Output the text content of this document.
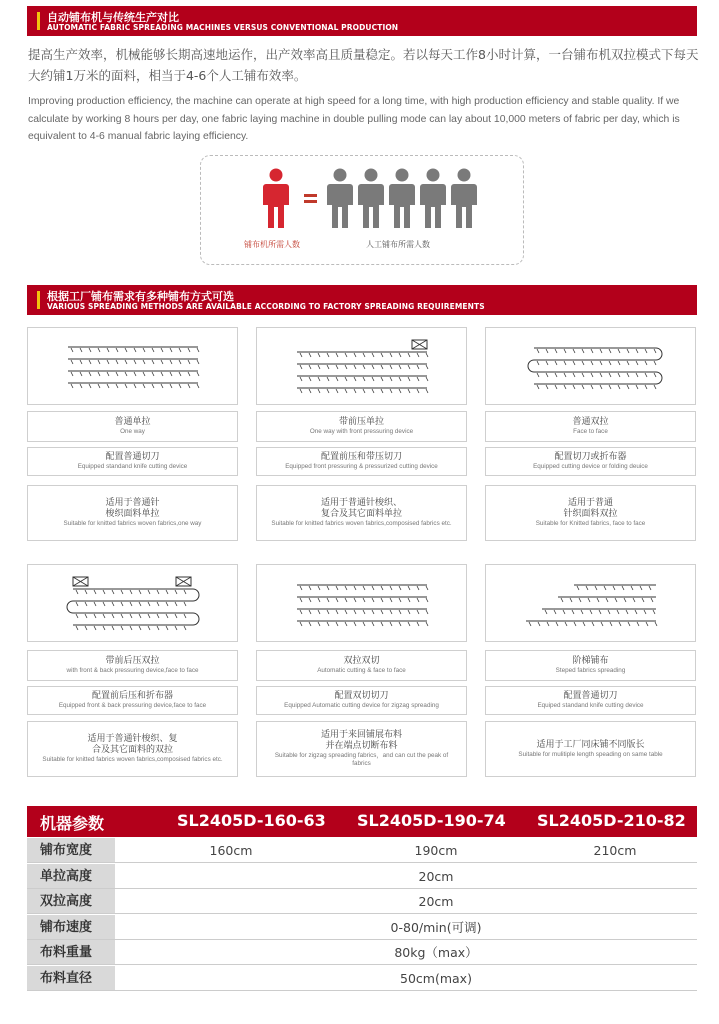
自动铺布机与传统生产对比
AUTOMATIC FABRIC SPREADING MACHINES VERSUS CONVENTIONAL PRODUCTION

提高生产效率，机械能够长期高速地运作，出产效率高且质量稳定。若以每天工作8小时计算，一台铺布机双拉模式下每天大约铺1万米的面料，相当于4-6个人工铺布效率。

Improving production efficiency, the machine can operate at high speed for a long time, with high production efficiency and stable quality. If we calculate by working 8 hours per day, one fabric laying machine in double pulling mode can lay about 10,000 meters of fabric per day, which is equivalent to 4-6 manual fabric laying efficiency.

铺布机所需人数	人工铺布所需人数
根据工厂铺布需求有多种铺布方式可选
VARIOUS SPREADING METHODS ARE AVAILABLE ACCORDING TO FACTORY SPREADING REQUIREMENTS
普通单拉
One way
配置普通切刀
Equipped standand knife cutting device
适用于普通针
梭织面料单拉
Suitable for knitted fabrics woven fabrics,one way
带前压单拉
One way with front pressuring device
配置前压和带压切刀
Equipped front pressuring & pressurized cutting device
适用于普通针梭织、
复合及其它面料单拉
Suitable for knitted fabrics woven fabrics,composised fabrics etc.
普通双拉
Face to face
配置切刀或折布器
Equipped cutting device or folding deuice
适用于普通
针织面料双拉
Suitable for Knitted fabrics, face to face
带前后压双拉
with front & back pressuring device,face to face
配置前后压和折布器
Equipped front & back pressuring device,face to face
适用于普通针梭织、复
合及其它面料的双拉
Suitable for knitted fabrics woven fabrics,composised fabrics etc.
双拉双切
Automatic cutting & face to face
配置双切切刀
Equipped Automatic cutting device for zigzag spreading
适用于来回铺展布料
并在端点切断布料
Suitable for zigzag spreading fabrics，and can cut the peak of fabrics
阶梯铺布
Steped fabrics spreading
配置普通切刀
Equiped standand knife cutting device
适用于工厂同床铺不同版长
Suitable for mulitiple length speading on same table
机器参数	SL2405D-160-63 SL2405D-190-74 SL2405D-210-82
铺布宽度	160cm	190cm	210cm
单拉高度	20cm
双拉高度	20cm
铺布速度	0-80/min(可调)
布料重量	80kg（max）
布料直径	50cm(max)
